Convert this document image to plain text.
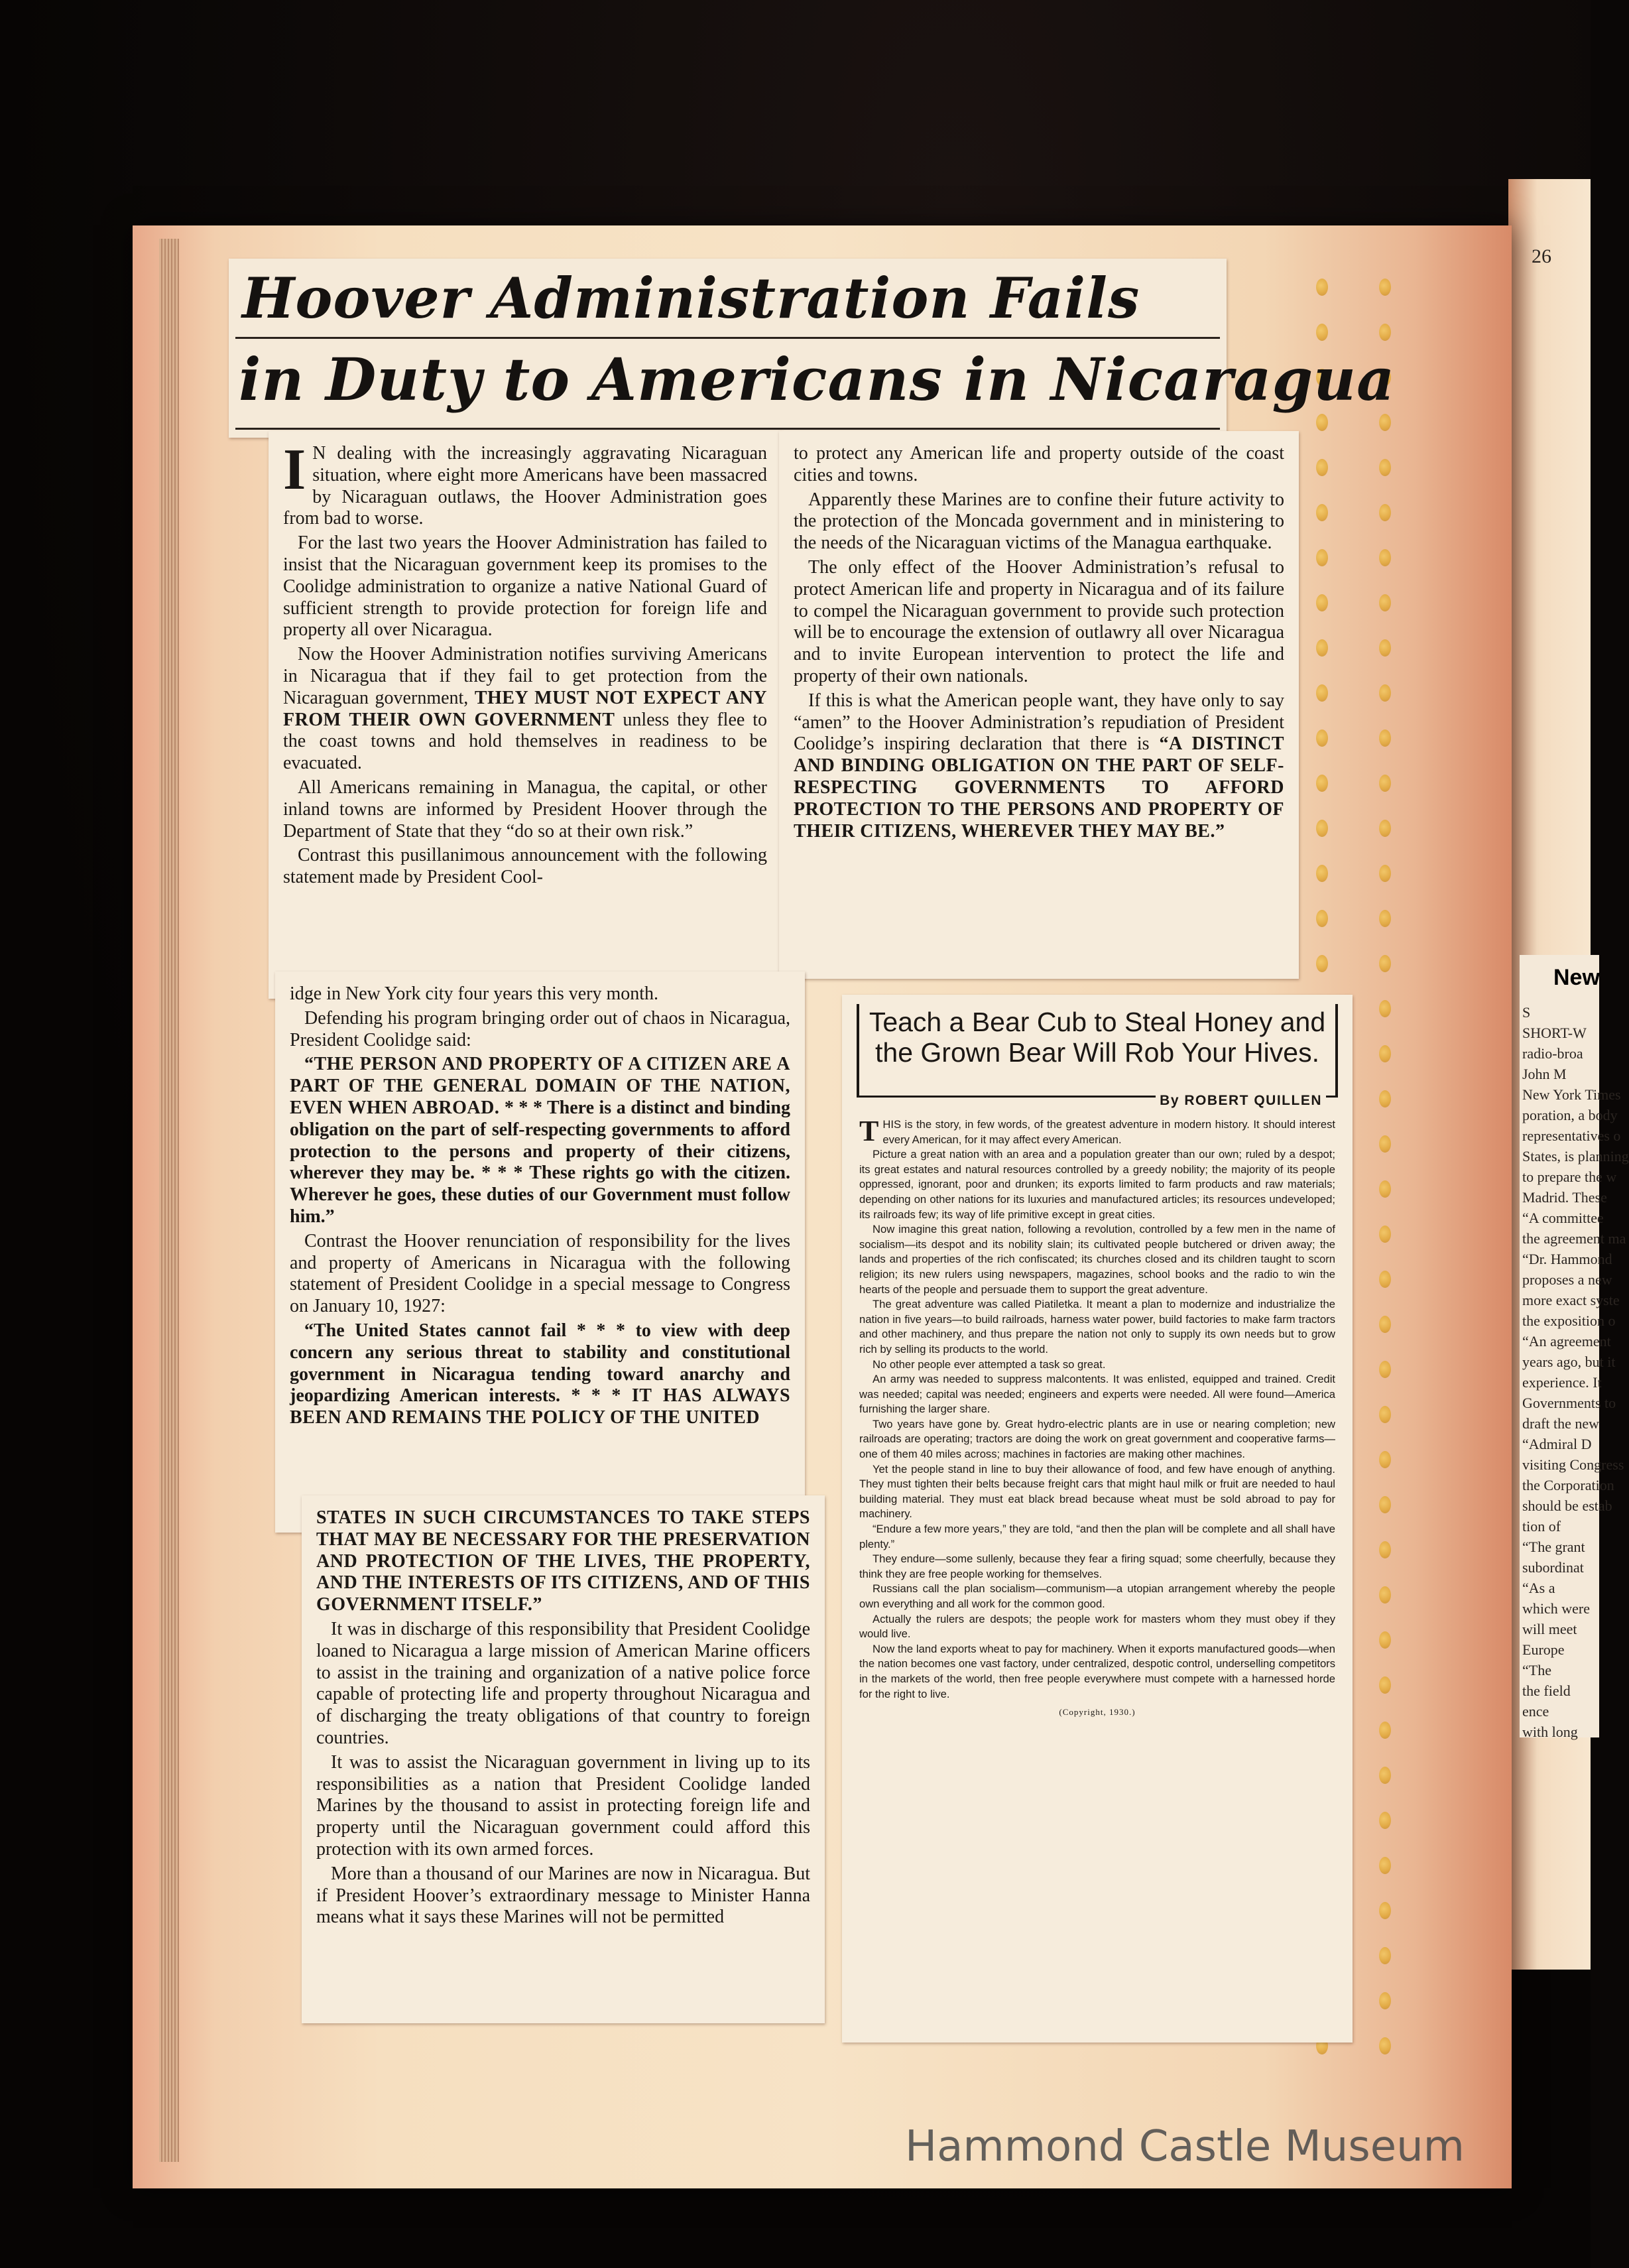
Hoover Administration Fails
in Duty to Americans in Nicaragua

I N dealing with the increasingly aggravating Nicaraguan situation, where eight more Americans have been massacred by Nicaraguan outlaws, the Hoover Administration goes from bad to worse.

For the last two years the Hoover Administration has failed to insist that the Nicaraguan government keep its promises to the Coolidge administration to organize a native National Guard of sufficient strength to provide protection for foreign life and property all over Nicaragua.

Now the Hoover Administration notifies surviving Americans in Nicaragua that if they fail to get protection from the Nicaraguan government, THEY MUST NOT EXPECT ANY FROM THEIR OWN GOVERNMENT unless they flee to the coast towns and hold themselves in readiness to be evacuated.

All Americans remaining in Managua, the capital, or other inland towns are informed by President Hoover through the Department of State that they “do so at their own risk.”

Contrast this pusillanimous announcement with the following statement made by President Cool-

to protect any American life and property outside of the coast cities and towns.

Apparently these Marines are to confine their future activity to the protection of the Moncada government and in ministering to the needs of the Nicaraguan victims of the Managua earthquake.

The only effect of the Hoover Administration’s refusal to protect American life and property in Nicaragua and of its failure to compel the Nicaraguan government to provide such protection will be to encourage the extension of outlawry all over Nicaragua and to invite European intervention to protect the life and property of their own nationals.

If this is what the American people want, they have only to say “amen” to the Hoover Administration’s repudiation of President Coolidge’s inspiring declaration that there is “A DISTINCT AND BINDING OBLIGATION ON THE PART OF SELF-RESPECTING GOVERNMENTS TO AFFORD PROTECTION TO THE PERSONS AND PROPERTY OF THEIR CITIZENS, WHEREVER THEY MAY BE.”

idge in New York city four years this very month.

Defending his program bringing order out of chaos in Nicaragua, President Coolidge said:

“THE PERSON AND PROPERTY OF A CITIZEN ARE A PART OF THE GENERAL DOMAIN OF THE NATION, EVEN WHEN ABROAD. * * * There is a distinct and binding obligation on the part of self-respecting governments to afford protection to the persons and property of their citizens, wherever they may be. * * * These rights go with the citizen. Wherever he goes, these duties of our Government must follow him.”

Contrast the Hoover renunciation of responsibility for the lives and property of Americans in Nicaragua with the following statement of President Coolidge in a special message to Congress on January 10, 1927:

“The United States cannot fail * * * to view with deep concern any serious threat to stability and constitutional government in Nicaragua tending toward anarchy and jeopardizing American interests. * * * IT HAS ALWAYS BEEN AND REMAINS THE POLICY OF THE UNITED

STATES IN SUCH CIRCUMSTANCES TO TAKE STEPS THAT MAY BE NECESSARY FOR THE PRESERVATION AND PROTECTION OF THE LIVES, THE PROPERTY, AND THE INTERESTS OF ITS CITIZENS, AND OF THIS GOVERNMENT ITSELF.”

It was in discharge of this responsibility that President Coolidge loaned to Nicaragua a large mission of American Marine officers to assist in the training and organization of a native police force capable of protecting life and property throughout Nicaragua and of discharging the treaty obligations of that country to foreign countries.

It was to assist the Nicaraguan government in living up to its responsibilities as a nation that President Coolidge landed Marines by the thousand to assist in protecting foreign life and property until the Nicaraguan government could afford this protection with its own armed forces.

More than a thousand of our Marines are now in Nicaragua. But if President Hoover’s extraordinary message to Minister Hanna means what it says these Marines will not be permitted

Teach a Bear Cub to Steal Honey and
the Grown Bear Will Rob Your Hives.
By ROBERT QUILLEN

THIS is the story, in few words, of the greatest adventure in modern history. It should interest every American, for it may affect every American.

Picture a great nation with an area and a population greater than our own; ruled by a despot; its great estates and natural resources controlled by a greedy nobility; the majority of its people oppressed, ignorant, poor and drunken; its exports limited to farm products and raw materials; depending on other nations for its luxuries and manufactured articles; its resources undeveloped; its railroads few; its way of life primitive except in great cities.

Now imagine this great nation, following a revolution, controlled by a few men in the name of socialism—its despot and its nobility slain; its cultivated people butchered or driven away; the lands and properties of the rich confiscated; its churches closed and its children taught to scorn religion; its new rulers using newspapers, magazines, school books and the radio to win the hearts of the people and persuade them to support the great adventure.

The great adventure was called Piatiletka. It meant a plan to modernize and industrialize the nation in five years—to build railroads, harness water power, build factories to make farm tractors and other machinery, and thus prepare the nation not only to supply its own needs but to grow rich by selling its products to the world.

No other people ever attempted a task so great.

An army was needed to suppress malcontents. It was enlisted, equipped and trained. Credit was needed; capital was needed; engineers and experts were needed. All were found—America furnishing the larger share.

Two years have gone by. Great hydro-electric plants are in use or nearing completion; new railroads are operating; tractors are doing the work on great government and cooperative farms—one of them 40 miles across; machines in factories are making other machines.

Yet the people stand in line to buy their allowance of food, and few have enough of anything. They must tighten their belts because freight cars that might haul milk or fruit are needed to haul building material. They must eat black bread because wheat must be sold abroad to pay for machinery.

“Endure a few more years,” they are told, “and then the plan will be complete and all shall have plenty.”

They endure—some sullenly, because they fear a firing squad; some cheerfully, because they think they are free people working for themselves.

Russians call the plan socialism—communism—a utopian arrangement whereby the people own everything and all work for the common good.

Actually the rulers are despots; the people work for masters whom they must obey if they would live.

Now the land exports wheat to pay for machinery. When it exports manufactured goods—when the nation becomes one vast factory, under centralized, despotic control, underselling competitors in the markets of the world, then free people everywhere must compete with a harnessed horde for the right to live.

(Copyright, 1930.)
26
New
S
SHORT-W
radio-broa
John M
New York Times
poration, a body
representatives o
States, is planning
to prepare the w
Madrid. These
“A committee
the agreement ma
“Dr. Hammond
proposes a new
more exact syste
the exposition o
“An agreement
years ago, but it
experience. It
Governments to
draft the new
“Admiral D
visiting Congress
the Corporation
should be estab
tion of
“The grant
subordinat
“As a
which were
will meet
Europe
“The
the field
ence
with long
Hammond Castle Museum
